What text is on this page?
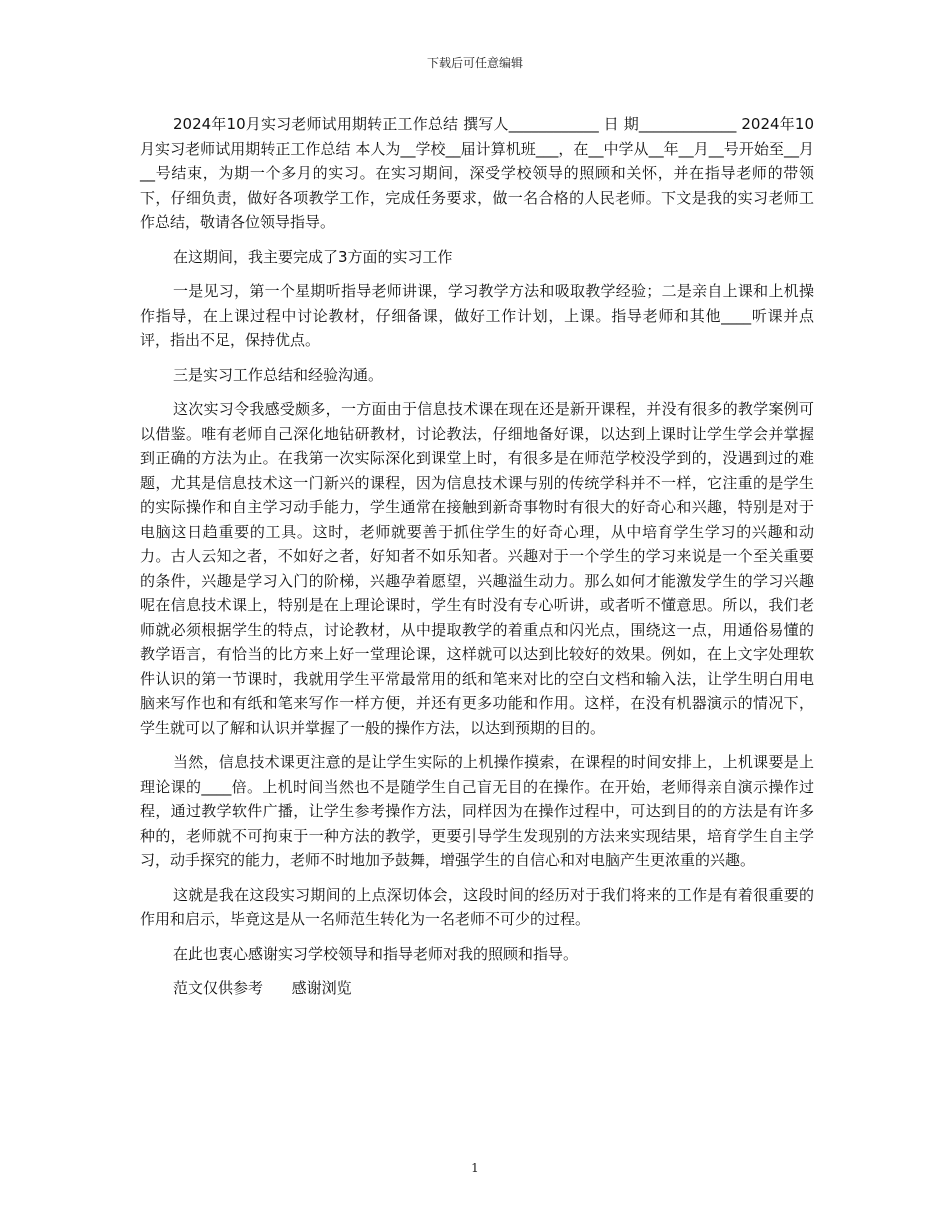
下载后可任意编辑

2024年10月实习老师试用期转正工作总结 撰写人____________ 日 期_____________ 2024年10月实习老师试用期转正工作总结 本人为__学校__届计算机班___，在__中学从__年__月__号开始至__月__号结束，为期一个多月的实习。在实习期间，深受学校领导的照顾和关怀，并在指导老师的带领下，仔细负责，做好各项教学工作，完成任务要求，做一名合格的人民老师。下文是我的实习老师工作总结，敬请各位领导指导。

在这期间，我主要完成了3方面的实习工作

一是见习，第一个星期听指导老师讲课，学习教学方法和吸取教学经验；二是亲自上课和上机操作指导，在上课过程中讨论教材，仔细备课，做好工作计划，上课。指导老师和其他____听课并点评，指出不足，保持优点。

三是实习工作总结和经验沟通。

这次实习令我感受颇多，一方面由于信息技术课在现在还是新开课程，并没有很多的教学案例可以借鉴。唯有老师自己深化地钻研教材，讨论教法，仔细地备好课，以达到上课时让学生学会并掌握到正确的方法为止。在我第一次实际深化到课堂上时，有很多是在师范学校没学到的，没遇到过的难题，尤其是信息技术这一门新兴的课程，因为信息技术课与别的传统学科并不一样，它注重的是学生的实际操作和自主学习动手能力，学生通常在接触到新奇事物时有很大的好奇心和兴趣，特别是对于电脑这日趋重要的工具。这时，老师就要善于抓住学生的好奇心理，从中培育学生学习的兴趣和动力。古人云知之者，不如好之者，好知者不如乐知者。兴趣对于一个学生的学习来说是一个至关重要的条件，兴趣是学习入门的阶梯，兴趣孕着愿望，兴趣溢生动力。那么如何才能激发学生的学习兴趣呢在信息技术课上，特别是在上理论课时，学生有时没有专心听讲，或者听不懂意思。所以，我们老师就必须根据学生的特点，讨论教材，从中提取教学的着重点和闪光点，围绕这一点，用通俗易懂的教学语言，有恰当的比方来上好一堂理论课，这样就可以达到比较好的效果。例如，在上文字处理软件认识的第一节课时，我就用学生平常最常用的纸和笔来对比的空白文档和输入法，让学生明白用电脑来写作也和有纸和笔来写作一样方便，并还有更多功能和作用。这样，在没有机器演示的情况下，学生就可以了解和认识并掌握了一般的操作方法，以达到预期的目的。

当然，信息技术课更注意的是让学生实际的上机操作摸索，在课程的时间安排上，上机课要是上理论课的____倍。上机时间当然也不是随学生自己盲无目的在操作。在开始，老师得亲自演示操作过程，通过教学软件广播，让学生参考操作方法，同样因为在操作过程中，可达到目的的方法是有许多种的，老师就不可拘束于一种方法的教学，更要引导学生发现别的方法来实现结果，培育学生自主学习，动手探究的能力，老师不时地加予鼓舞，增强学生的自信心和对电脑产生更浓重的兴趣。

这就是我在这段实习期间的上点深切体会，这段时间的经历对于我们将来的工作是有着很重要的作用和启示，毕竟这是从一名师范生转化为一名老师不可少的过程。

在此也衷心感谢实习学校领导和指导老师对我的照顾和指导。

范文仅供参考      感谢浏览

1
